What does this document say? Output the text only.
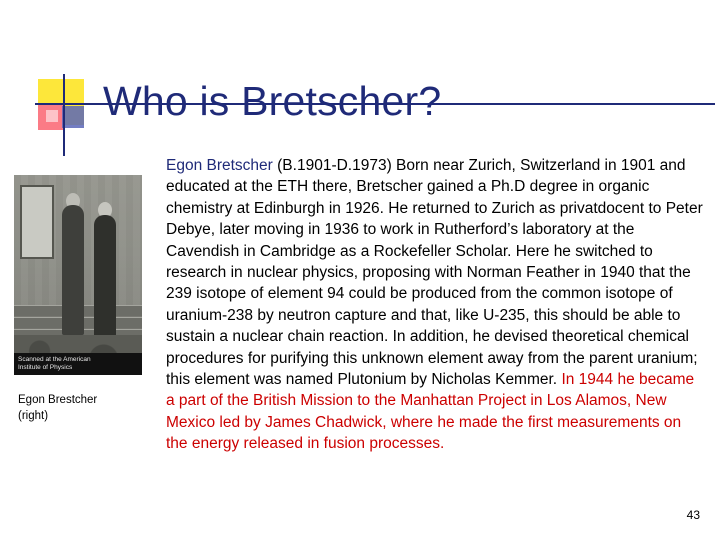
Who is Bretscher?
Scanned at the American
Institute of Physics
Egon Brestcher (right)
Egon Bretscher (B.1901-D.1973) Born near Zurich, Switzerland in 1901 and educated at the ETH there, Bretscher gained a Ph.D degree in organic chemistry at Edinburgh in 1926. He returned to Zurich as privatdocent to Peter Debye, later moving in 1936 to work in Rutherford’s laboratory at the Cavendish in Cambridge as a Rockefeller Scholar. Here he switched to research in nuclear physics, proposing with Norman Feather in 1940 that the 239 isotope of element 94 could be produced from the common isotope of uranium-238 by neutron capture and that, like U-235, this should be able to sustain a nuclear chain reaction. In addition, he devised theoretical chemical procedures for purifying this unknown element away from the parent uranium; this element was named Plutonium by Nicholas Kemmer. In 1944 he became a part of the British Mission to the Manhattan Project in Los Alamos, New Mexico led by James Chadwick, where he made the first measurements on the energy released in fusion processes.
43
